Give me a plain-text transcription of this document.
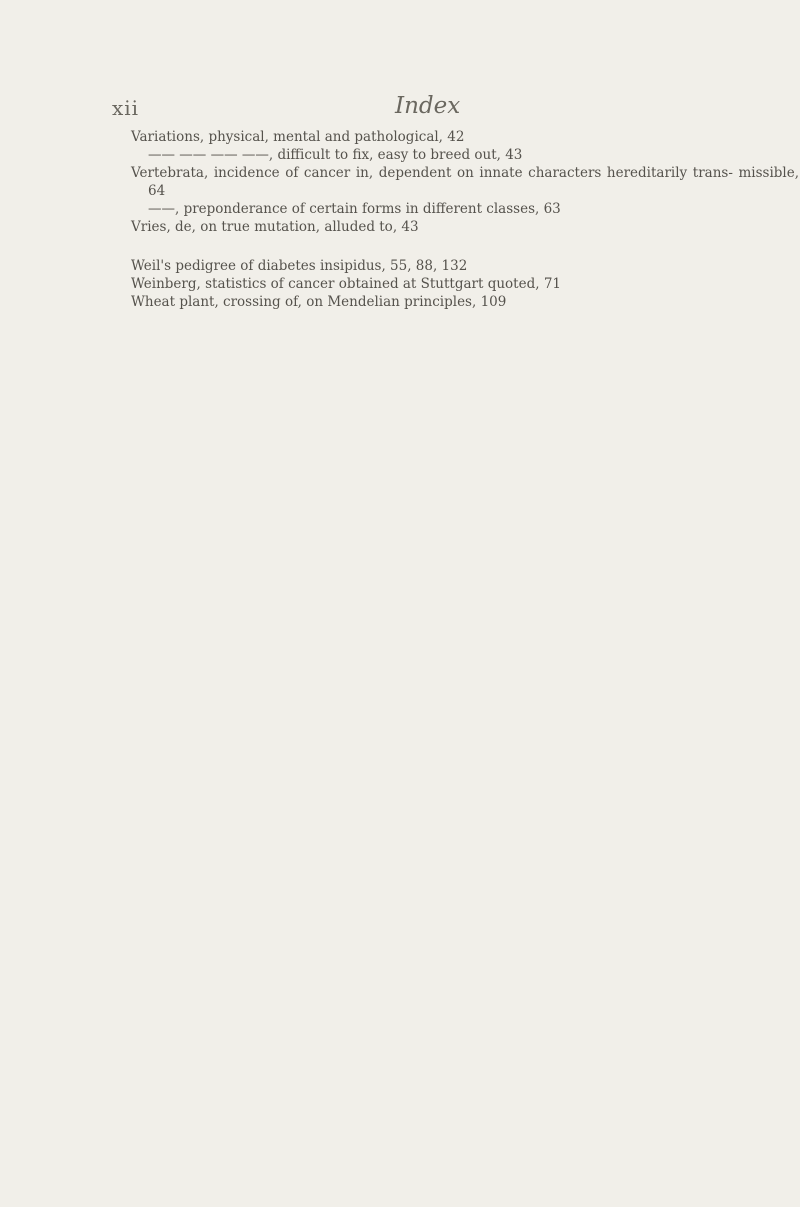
xii	Index
Variations, physical, mental and pathological, 42
—— —— —— ——, difficult to fix, easy to breed out, 43
Vertebrata, incidence of cancer in, dependent on innate characters hereditarily trans- missible, 64
——, preponderance of certain forms in different classes, 63
Vries, de, on true mutation, alluded to, 43
Weil's pedigree of diabetes insipidus, 55, 88, 132
Weinberg, statistics of cancer obtained at Stuttgart quoted, 71
Wheat plant, crossing of, on Mendelian principles, 109
